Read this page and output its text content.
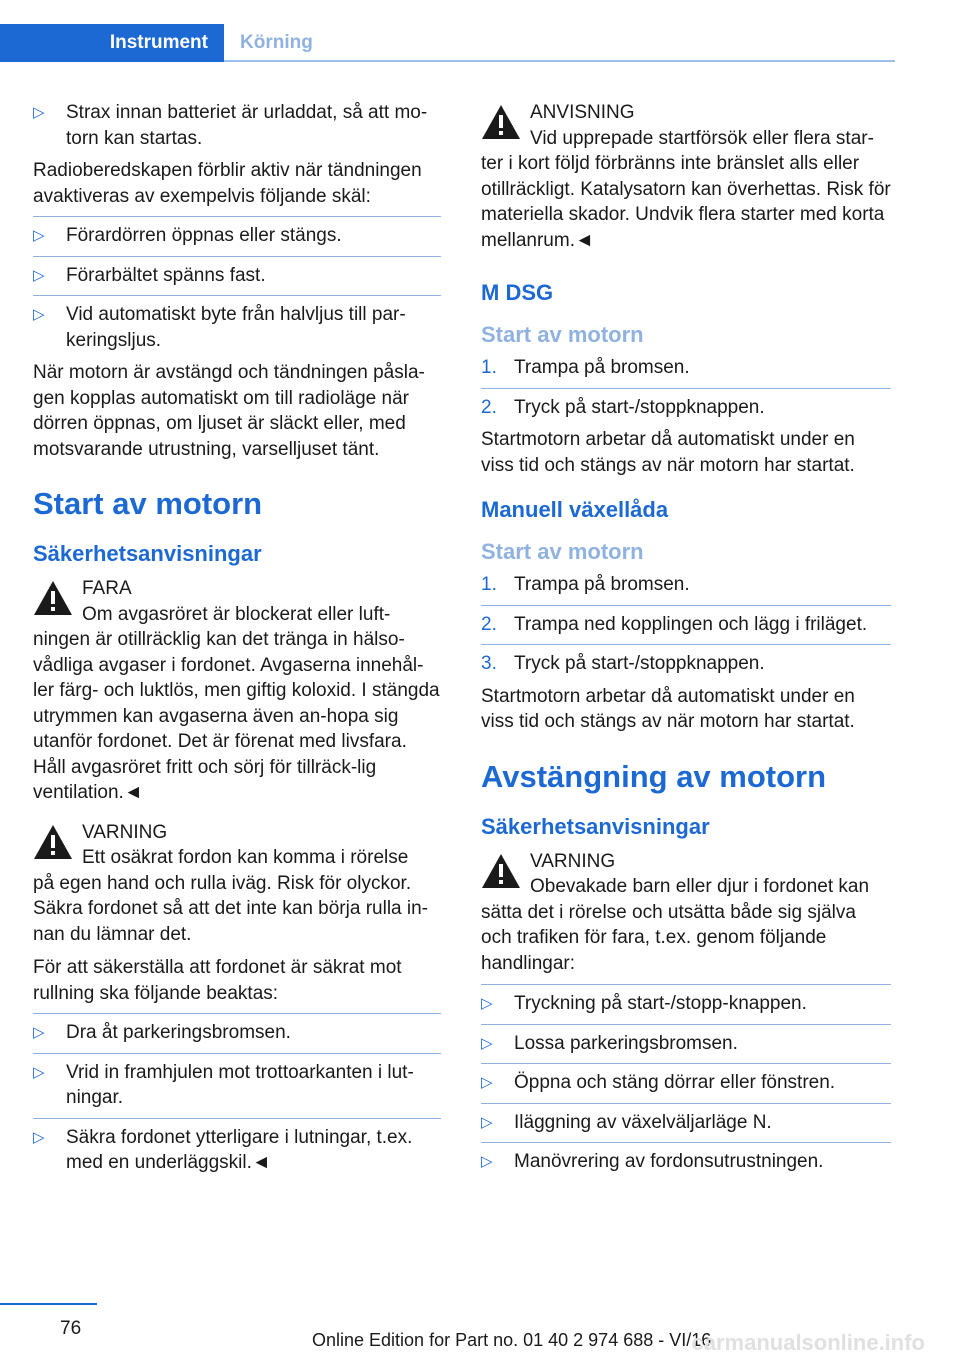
Instrument	Körning
▷ Strax innan batteriet är urladdat, så att mo‐torn kan startas.

Radioberedskapen förblir aktiv när tändningen avaktiveras av exempelvis följande skäl:

▷ Förardörren öppnas eller stängs.
▷ Förarbältet spänns fast.
▷ Vid automatiskt byte från halvljus till par‐keringsljus.

När motorn är avstängd och tändningen påsla‐gen kopplas automatiskt om till radioläge när dörren öppnas, om ljuset är släckt eller, med motsvarande utrustning, varselljuset tänt.

Start av motorn
Säkerhetsanvisningar
FARA
Om avgasröret är blockerat eller luft‐
ningen är otillräcklig kan det tränga in hälso‐vådliga avgaser i fordonet. Avgaserna innehål‐ler färg- och luktlös, men giftig koloxid. I stängda utrymmen kan avgaserna även an‐hopa sig utanför fordonet. Det är förenat med livsfara. Håll avgasröret fritt och sörj för tillräck‐lig ventilation.◄
VARNING
Ett osäkrat fordon kan komma i rörelse
på egen hand och rulla iväg. Risk för olyckor. Säkra fordonet så att det inte kan börja rulla in‐nan du lämnar det.

För att säkerställa att fordonet är säkrat mot rullning ska följande beaktas:

▷ Dra åt parkeringsbromsen.
▷ Vrid in framhjulen mot trottoarkanten i lut‐ningar.
▷ Säkra fordonet ytterligare i lutningar, t.ex. med en underläggskil.◄
ANVISNING
Vid upprepade startförsök eller flera star‐
ter i kort följd förbränns inte bränslet alls eller otillräckligt. Katalysatorn kan överhettas. Risk för materiella skador. Undvik flera starter med korta mellanrum.◄
M DSG
Start av motorn
1. Trampa på bromsen.
2. Tryck på start-/stoppknappen.

Startmotorn arbetar då automatiskt under en viss tid och stängs av när motorn har startat.

Manuell växellåda
Start av motorn
1. Trampa på bromsen.
2. Trampa ned kopplingen och lägg i friläget.
3. Tryck på start-/stoppknappen.

Startmotorn arbetar då automatiskt under en viss tid och stängs av när motorn har startat.

Avstängning av motorn
Säkerhetsanvisningar
VARNING
Obevakade barn eller djur i fordonet kan
sätta det i rörelse och utsätta både sig själva och trafiken för fara, t.ex. genom följande handlingar:
▷ Tryckning på start-/stopp-knappen.
▷ Lossa parkeringsbromsen.
▷ Öppna och stäng dörrar eller fönstren.
▷ Iläggning av växelväljarläge N.
▷ Manövrering av fordonsutrustningen.
76
Online Edition for Part no. 01 40 2 974 688 - VI/16
carmanualsonline.info
